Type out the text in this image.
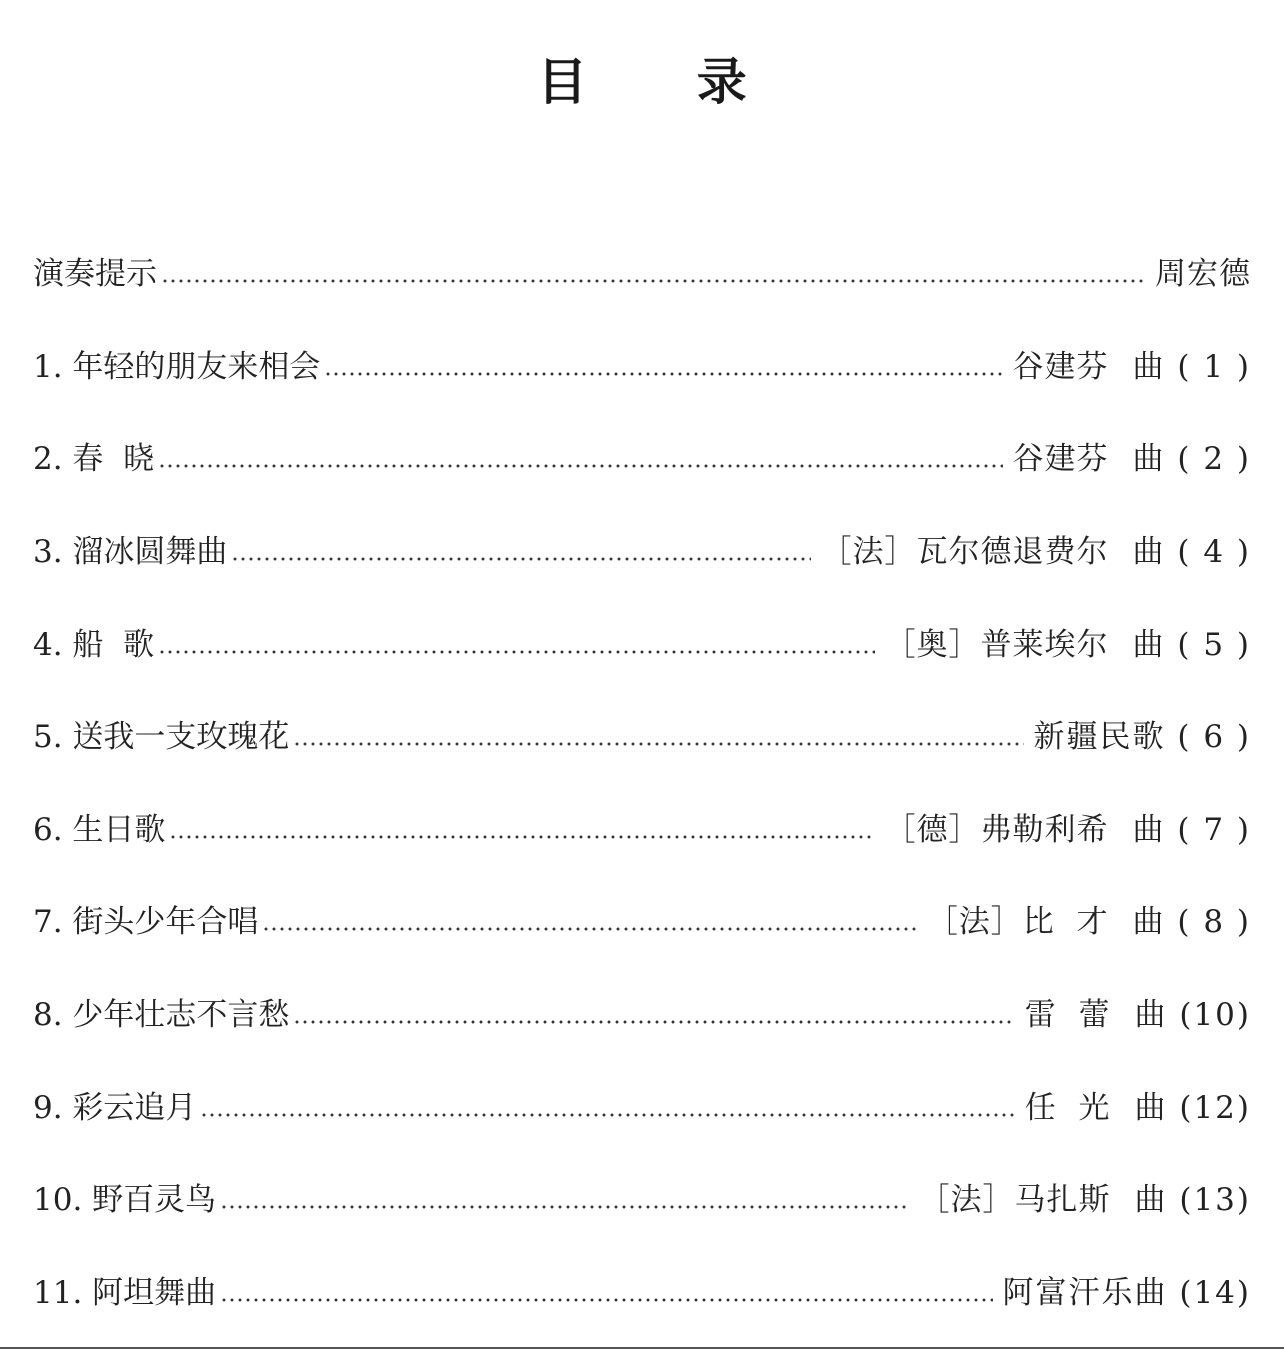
目 录
演奏提示	周宏德
1. 年轻的朋友来相会	谷建芬 曲 ( 1 )
2. 春  晓	谷建芬 曲 ( 2 )
3. 溜冰圆舞曲	［法］瓦尔德退费尔 曲 ( 4 )
4. 船  歌	［奥］普莱埃尔 曲 ( 5 )
5. 送我一支玫瑰花	新疆民歌 ( 6 )
6. 生日歌	［德］弗勒利希 曲 ( 7 )
7. 街头少年合唱	［法］比  才 曲 ( 8 )
8. 少年壮志不言愁	雷  蕾 曲 (10)
9. 彩云追月	任  光 曲 (12)
10. 野百灵鸟	［法］马扎斯 曲 (13)
11. 阿坦舞曲	阿富汗乐曲 (14)
